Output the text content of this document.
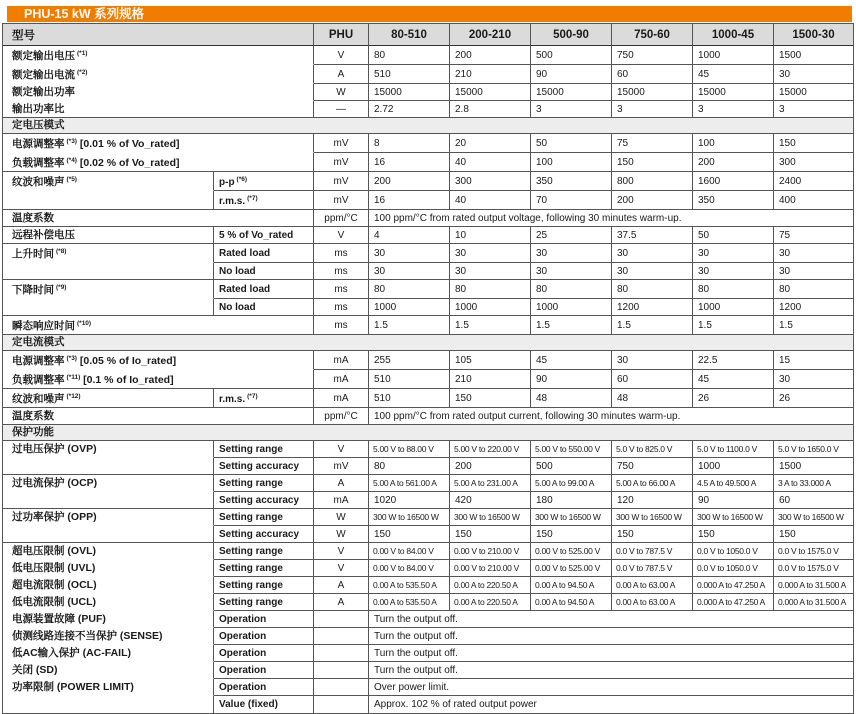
PHU-15 kW 系列规格
型号		PHU	80-510	200-210	500-90	750-60	1000-45	1500-30
额定输出电压 $^{(*1)}$		V	80	200	500	750	1000	1500
额定输出电流 $^{(*2)}$		A	510	210	90	60	45	30
额定输出功率		W	15000	15000	15000	15000	15000	15000
输出功率比		—	2.72	2.8	3	3	3	3
定电压模式								
电源调整率 $^{(*3)}$ [0.01 % of Vo_rated]		mV	8	20	50	75	100	150
负载调整率 $^{(*4)}$ [0.02 % of Vo_rated]		mV	16	40	100	150	200	300
纹波和噪声 $^{(*5)}$	p-p $^{(*6)}$	mV	200	300	350	800	1600	2400
	r.m.s. $^{(*7)}$	mV	16	40	70	200	350	400
温度系数		ppm/°C	100 ppm/°C from rated output voltage, following 30 minutes warm-up.					
远程补偿电压	5 % of Vo_rated	V	4	10	25	37.5	50	75
上升时间 $^{(*8)}$	Rated load	ms	30	30	30	30	30	30
	No load	ms	30	30	30	30	30	30
下降时间 $^{(*9)}$	Rated load	ms	80	80	80	80	80	80
	No load	ms	1000	1000	1000	1200	1000	1200
瞬态响应时间 $^{(*10)}$		ms	1.5	1.5	1.5	1.5	1.5	1.5
定电流模式								
电源调整率 $^{(*3)}$ [0.05 % of Io_rated]		mA	255	105	45	30	22.5	15
负载调整率 $^{(*11)}$ [0.1 % of Io_rated]		mA	510	210	90	60	45	30
纹波和噪声 $^{(*12)}$	r.m.s. $^{(*7)}$	mA	510	150	48	48	26	26
温度系数		ppm/°C	100 ppm/°C from rated output current, following 30 minutes warm-up.					
保护功能								
过电压保护 (OVP)	Setting range	V	5.00 V to 88.00 V	5.00 V to 220.00 V	5.00 V to 550.00 V	5.0 V to 825.0 V	5.0 V to 1100.0 V	5.0 V to 1650.0 V
	Setting accuracy	mV	80	200	500	750	1000	1500
过电流保护 (OCP)	Setting range	A	5.00 A to 561.00 A	5.00 A to 231.00 A	5.00 A to 99.00 A	5.00 A to 66.00 A	4.5 A to 49.500 A	3 A to 33.000 A
	Setting accuracy	mA	1020	420	180	120	90	60
过功率保护 (OPP)	Setting range	W	300 W to 16500 W	300 W to 16500 W	300 W to 16500 W	300 W to 16500 W	300 W to 16500 W	300 W to 16500 W
	Setting accuracy	W	150	150	150	150	150	150
超电压限制 (OVL)	Setting range	V	0.00 V to 84.00 V	0.00 V to 210.00 V	0.00 V to 525.00 V	0.0 V to 787.5 V	0.0 V to 1050.0 V	0.0 V to 1575.0 V
低电压限制 (UVL)	Setting range	V	0.00 V to 84.00 V	0.00 V to 210.00 V	0.00 V to 525.00 V	0.0 V to 787.5 V	0.0 V to 1050.0 V	0.0 V to 1575.0 V
超电流限制 (OCL)	Setting range	A	0.00 A to 535.50 A	0.00 A to 220.50 A	0.00 A to 94.50 A	0.00 A to 63.00 A	0.000 A to 47.250 A	0.000 A to 31.500 A
低电流限制 (UCL)	Setting range	A	0.00 A to 535.50 A	0.00 A to 220.50 A	0.00 A to 94.50 A	0.00 A to 63.00 A	0.000 A to 47.250 A	0.000 A to 31.500 A
电源装置故障 (PUF)	Operation		Turn the output off.					
侦测线路连接不当保护 (SENSE)	Operation		Turn the output off.					
低AC输入保护 (AC-FAIL)	Operation		Turn the output off.					
关闭 (SD)	Operation		Turn the output off.					
功率限制 (POWER LIMIT)	Operation		Over power limit.					
	Value (fixed)		Approx. 102 % of rated output power					
